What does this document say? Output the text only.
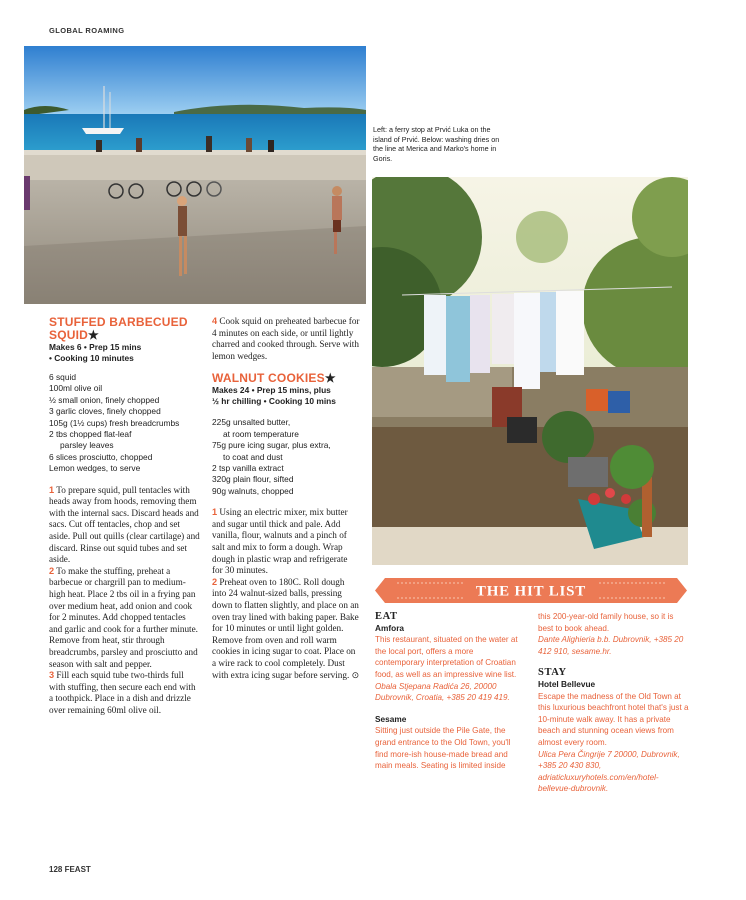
GLOBAL ROAMING
128 FEAST
Left: a ferry stop at Prvić Luka on the island of Prvić. Below: washing dries on the line at Merica and Marko's home in Goris.
STUFFED BARBECUED SQUID★
Makes 6 • Prep 15 mins
• Cooking 10 minutes
6 squid
100ml olive oil
½ small onion, finely chopped
3 garlic cloves, finely chopped
105g (1½ cups) fresh breadcrumbs
2 tbs chopped flat-leaf
parsley leaves
6 slices prosciutto, chopped
Lemon wedges, to serve
1 To prepare squid, pull tentacles with heads away from hoods, removing them with the internal sacs. Discard heads and sacs. Cut off tentacles, chop and set aside. Pull out quills (clear cartilage) and discard. Rinse out squid tubes and set aside.
2 To make the stuffing, preheat a barbecue or chargrill pan to medium-high heat. Place 2 tbs oil in a frying pan over medium heat, add onion and cook for 2 minutes. Add chopped tentacles and garlic and cook for a further minute. Remove from heat, stir through breadcrumbs, parsley and prosciutto and season with salt and pepper.
3 Fill each squid tube two-thirds full with stuffing, then secure each end with a toothpick. Place in a dish and drizzle over remaining 60ml olive oil.
4 Cook squid on preheated barbecue for 4 minutes on each side, or until lightly charred and cooked through. Serve with lemon wedges.
WALNUT COOKIES★
Makes 24 • Prep 15 mins, plus
½ hr chilling • Cooking 10 mins
225g unsalted butter,
at room temperature
75g pure icing sugar, plus extra,
to coat and dust
2 tsp vanilla extract
320g plain flour, sifted
90g walnuts, chopped
1 Using an electric mixer, mix butter and sugar until thick and pale. Add vanilla, flour, walnuts and a pinch of salt and mix to form a dough. Wrap dough in plastic wrap and refrigerate for 30 minutes.
2 Preheat oven to 180C. Roll dough into 24 walnut-sized balls, pressing down to flatten slightly, and place on an oven tray lined with baking paper. Bake for 10 minutes or until light golden. Remove from oven and roll warm cookies in icing sugar to coat. Place on a wire rack to cool completely. Dust with extra icing sugar before serving. ⊙
THE HIT LIST
EAT
Amfora
This restaurant, situated on the water at the local port, offers a more contemporary interpretation of Croatian food, as well as an impressive wine list.
Obala Stjepana Radića 26, 20000 Dubrovnik, Croatia, +385 20 419 419.
Sesame
Sitting just outside the Pile Gate, the grand entrance to the Old Town, you'll find more-ish house-made bread and main meals. Seating is limited inside
this 200-year-old family house, so it is best to book ahead.
Dante Alighieria b.b. Dubrovnik, +385 20 412 910, sesame.hr.
STAY
Hotel Bellevue
Escape the madness of the Old Town at this luxurious beachfront hotel that's just a 10-minute walk away. It has a private beach and stunning ocean views from almost every room.
Ulica Pera Čingrije 7 20000, Dubrovnik, +385 20 430 830, adriaticluxuryhotels.com/en/hotel-bellevue-dubrovnik.
